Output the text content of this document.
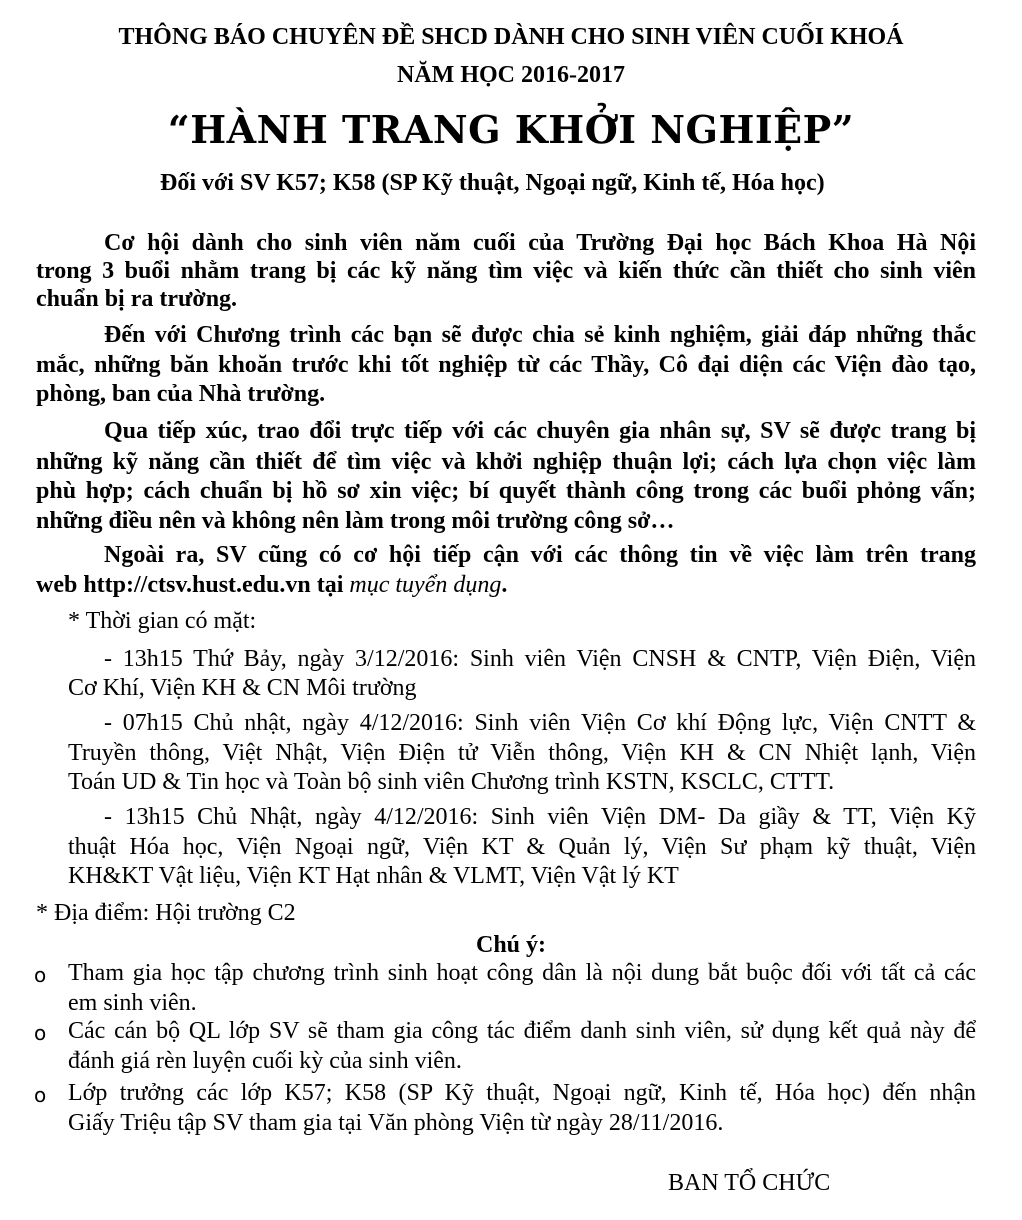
THÔNG BÁO CHUYÊN ĐỀ SHCD DÀNH CHO SINH VIÊN CUỐI KHOÁ
NĂM HỌC 2016-2017
“HÀNH TRANG KHỞI NGHIỆP”
Đối với SV K57; K58 (SP Kỹ thuật, Ngoại ngữ, Kinh tế, Hóa học)
Cơ hội dành cho sinh viên năm cuối của Trường Đại học Bách Khoa Hà Nội
trong 3 buổi nhằm trang bị các kỹ năng tìm việc và kiến thức cần thiết cho sinh viên
chuẩn bị ra trường.
Đến với Chương trình các bạn sẽ được chia sẻ kinh nghiệm, giải đáp những thắc
mắc, những băn khoăn trước khi tốt nghiệp từ các Thầy, Cô đại diện các Viện đào tạo,
phòng, ban của Nhà trường.
Qua tiếp xúc, trao đổi trực tiếp với các chuyên gia nhân sự, SV sẽ được trang bị
những kỹ năng cần thiết để tìm việc và khởi nghiệp thuận lợi; cách lựa chọn việc làm
phù hợp; cách chuẩn bị hồ sơ xin việc; bí quyết thành công trong các buổi phỏng vấn;
những điều nên và không nên làm trong môi trường công sở…
Ngoài ra, SV cũng có cơ hội tiếp cận với các thông tin về việc làm trên trang
web http://ctsv.hust.edu.vn tại mục tuyển dụng.
* Thời gian có mặt:
- 13h15 Thứ Bảy, ngày 3/12/2016: Sinh viên Viện CNSH & CNTP, Viện Điện, Viện
Cơ Khí, Viện KH & CN Môi trường
- 07h15 Chủ nhật, ngày 4/12/2016: Sinh viên Viện Cơ khí Động lực, Viện CNTT &
Truyền thông, Việt Nhật, Viện Điện tử Viễn thông, Viện KH & CN Nhiệt lạnh, Viện
Toán UD & Tin học và Toàn bộ sinh viên Chương trình KSTN, KSCLC, CTTT.
- 13h15 Chủ Nhật, ngày 4/12/2016: Sinh viên Viện DM- Da giầy & TT, Viện Kỹ
thuật Hóa học, Viện Ngoại ngữ, Viện KT & Quản lý, Viện Sư phạm kỹ thuật, Viện
KH&KT Vật liệu, Viện KT Hạt nhân & VLMT, Viện Vật lý KT
* Địa điểm: Hội trường C2
Chú ý:
o Tham gia học tập chương trình sinh hoạt công dân là nội dung bắt buộc đối với tất cả các
em sinh viên.
o Các cán bộ QL lớp SV sẽ tham gia công tác điểm danh sinh viên, sử dụng kết quả này để
đánh giá rèn luyện cuối kỳ của sinh viên.
o Lớp trưởng các lớp K57; K58 (SP Kỹ thuật, Ngoại ngữ, Kinh tế, Hóa học) đến nhận
Giấy Triệu tập SV tham gia tại Văn phòng Viện từ ngày 28/11/2016.
BAN TỔ CHỨC
